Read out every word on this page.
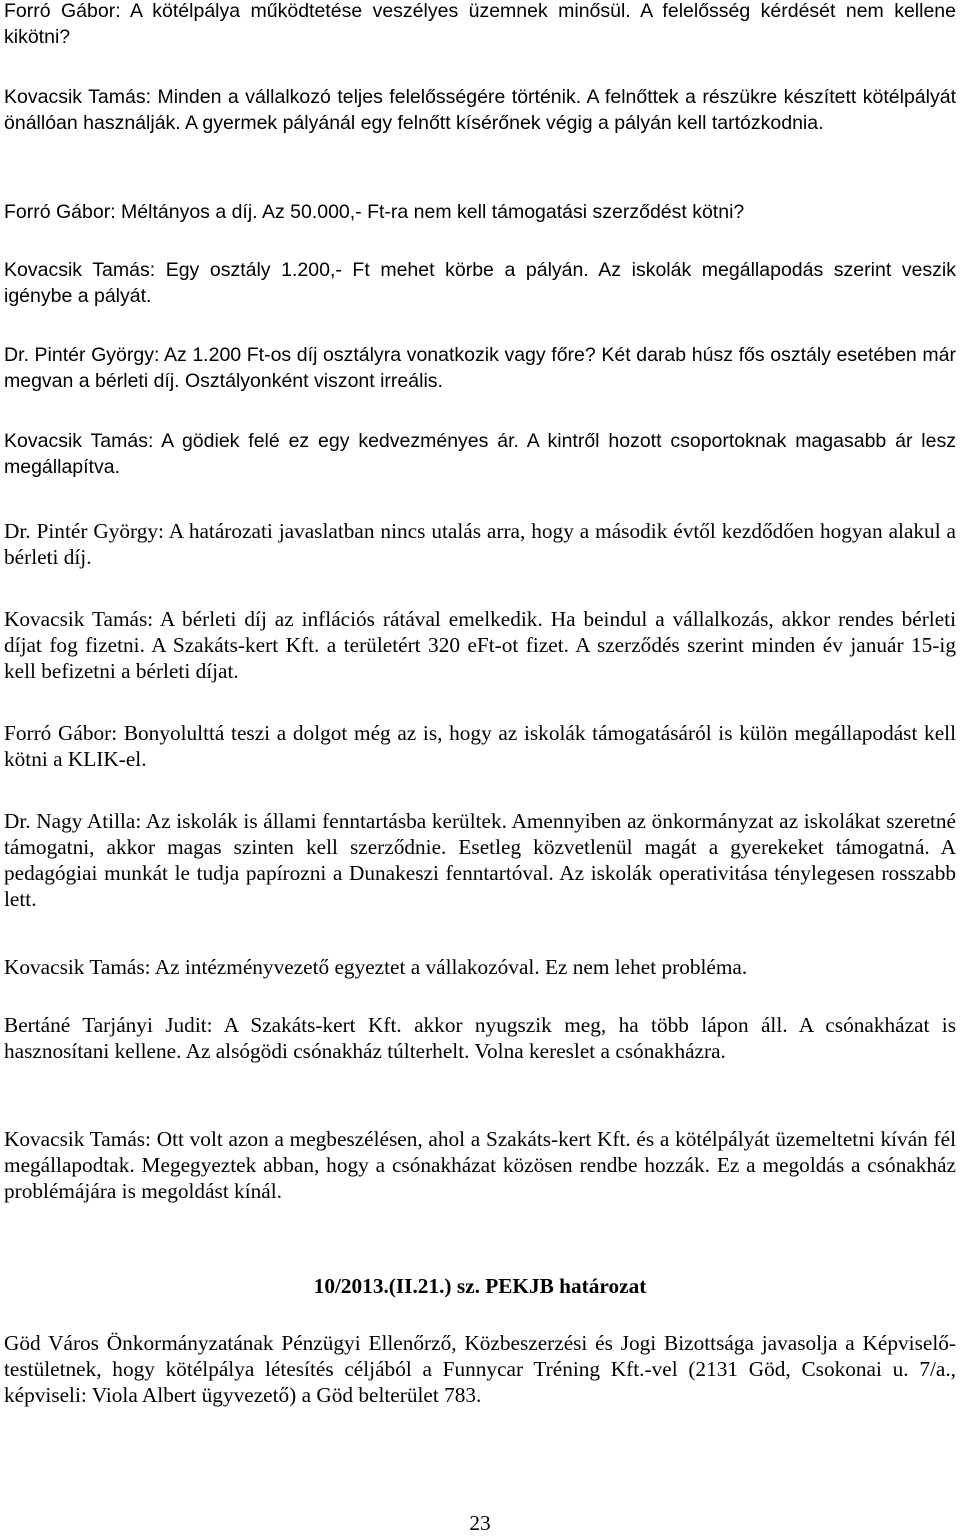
Forró Gábor: A kötélpálya működtetése veszélyes üzemnek minősül. A felelősség kérdését nem kellene kikötni?

Kovacsik Tamás: Minden a vállalkozó teljes felelősségére történik. A felnőttek a részükre készített kötélpályát önállóan használják. A gyermek pályánál egy felnőtt kísérőnek végig a pályán kell tartózkodnia.

Forró Gábor: Méltányos a díj. Az 50.000,- Ft-ra nem kell támogatási szerződést kötni?

Kovacsik Tamás: Egy osztály 1.200,- Ft mehet körbe a pályán. Az iskolák megállapodás szerint veszik igénybe a pályát.

Dr. Pintér György: Az 1.200 Ft-os díj osztályra vonatkozik vagy főre? Két darab húsz fős osztály esetében már megvan a bérleti díj. Osztályonként viszont irreális.

Kovacsik Tamás: A gödiek felé ez egy kedvezményes ár. A kintről hozott csoportoknak magasabb ár lesz megállapítva.

Dr. Pintér György: A határozati javaslatban nincs utalás arra, hogy a második évtől kezdődően hogyan alakul a bérleti díj.

Kovacsik Tamás: A bérleti díj az inflációs rátával emelkedik. Ha beindul a vállalkozás, akkor rendes bérleti díjat fog fizetni. A Szakáts-kert Kft. a területért 320 eFt-ot fizet. A szerződés szerint minden év január 15-ig kell befizetni a bérleti díjat.

Forró Gábor: Bonyolulttá teszi a dolgot még az is, hogy az iskolák támogatásáról is külön megállapodást kell kötni a KLIK-el.

Dr. Nagy Atilla: Az iskolák is állami fenntartásba kerültek. Amennyiben az önkormányzat az iskolákat szeretné támogatni, akkor magas szinten kell szerződnie. Esetleg közvetlenül magát a gyerekeket támogatná. A pedagógiai munkát le tudja papírozni a Dunakeszi fenntartóval. Az iskolák operativitása ténylegesen rosszabb lett.

Kovacsik Tamás: Az intézményvezető egyeztet a vállakozóval. Ez nem lehet probléma.

Bertáné Tarjányi Judit: A Szakáts-kert Kft. akkor nyugszik meg, ha több lápon áll. A csónakházat is hasznosítani kellene. Az alsógödi csónakház túlterhelt. Volna kereslet a csónakházra.

Kovacsik Tamás: Ott volt azon a megbeszélésen, ahol a Szakáts-kert Kft. és a kötélpályát üzemeltetni kíván fél megállapodtak. Megegyeztek abban, hogy a csónakházat közösen rendbe hozzák. Ez a megoldás a csónakház problémájára is megoldást kínál.

10/2013.(II.21.) sz. PEKJB határozat

Göd Város Önkormányzatának Pénzügyi Ellenőrző, Közbeszerzési és Jogi Bizottsága javasolja a Képviselő-testületnek, hogy kötélpálya létesítés céljából a Funnycar Tréning Kft.-vel (2131 Göd, Csokonai u. 7/a., képviseli: Viola Albert ügyvezető) a Göd belterület 783.

23
